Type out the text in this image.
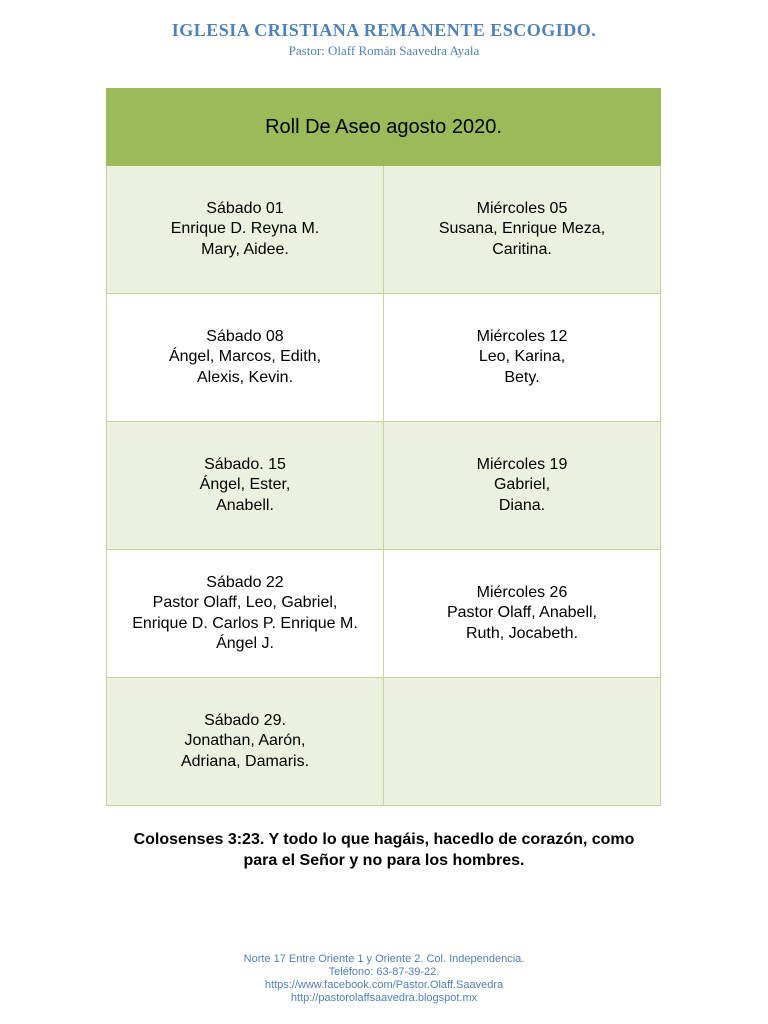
IGLESIA CRISTIANA REMANENTE ESCOGIDO.
Pastor: Olaff Román Saavedra Ayala
Roll De Aseo agosto 2020.	

Sábado 01
Enrique D. Reyna M.
Mary, Aidee.	Miércoles 05
Susana, Enrique Meza,
Caritina.

Sábado 08
Ángel, Marcos, Edith,
Alexis, Kevin.	Miércoles 12
Leo, Karina,
Bety.

Sábado. 15
Ángel, Ester,
Anabell.	Miércoles 19
Gabriel,
Diana.

Sábado 22
Pastor Olaff, Leo, Gabriel,
Enrique D. Carlos P. Enrique M.
Ángel J.	Miércoles 26
Pastor Olaff, Anabell,
Ruth, Jocabeth.

Sábado 29.
Jonathan, Aarón,
Adriana, Damaris.	

Colosenses 3:23. Y todo lo que hagáis, hacedlo de corazón, como
para el Señor y no para los hombres.
Norte 17 Entre Oriente 1 y Oriente 2. Col. Independencia.
Teléfono: 63-87-39-22.
https://www.facebook.com/Pastor.Olaff.Saavedra
http://pastorolaffsaavedra.blogspot.mx
